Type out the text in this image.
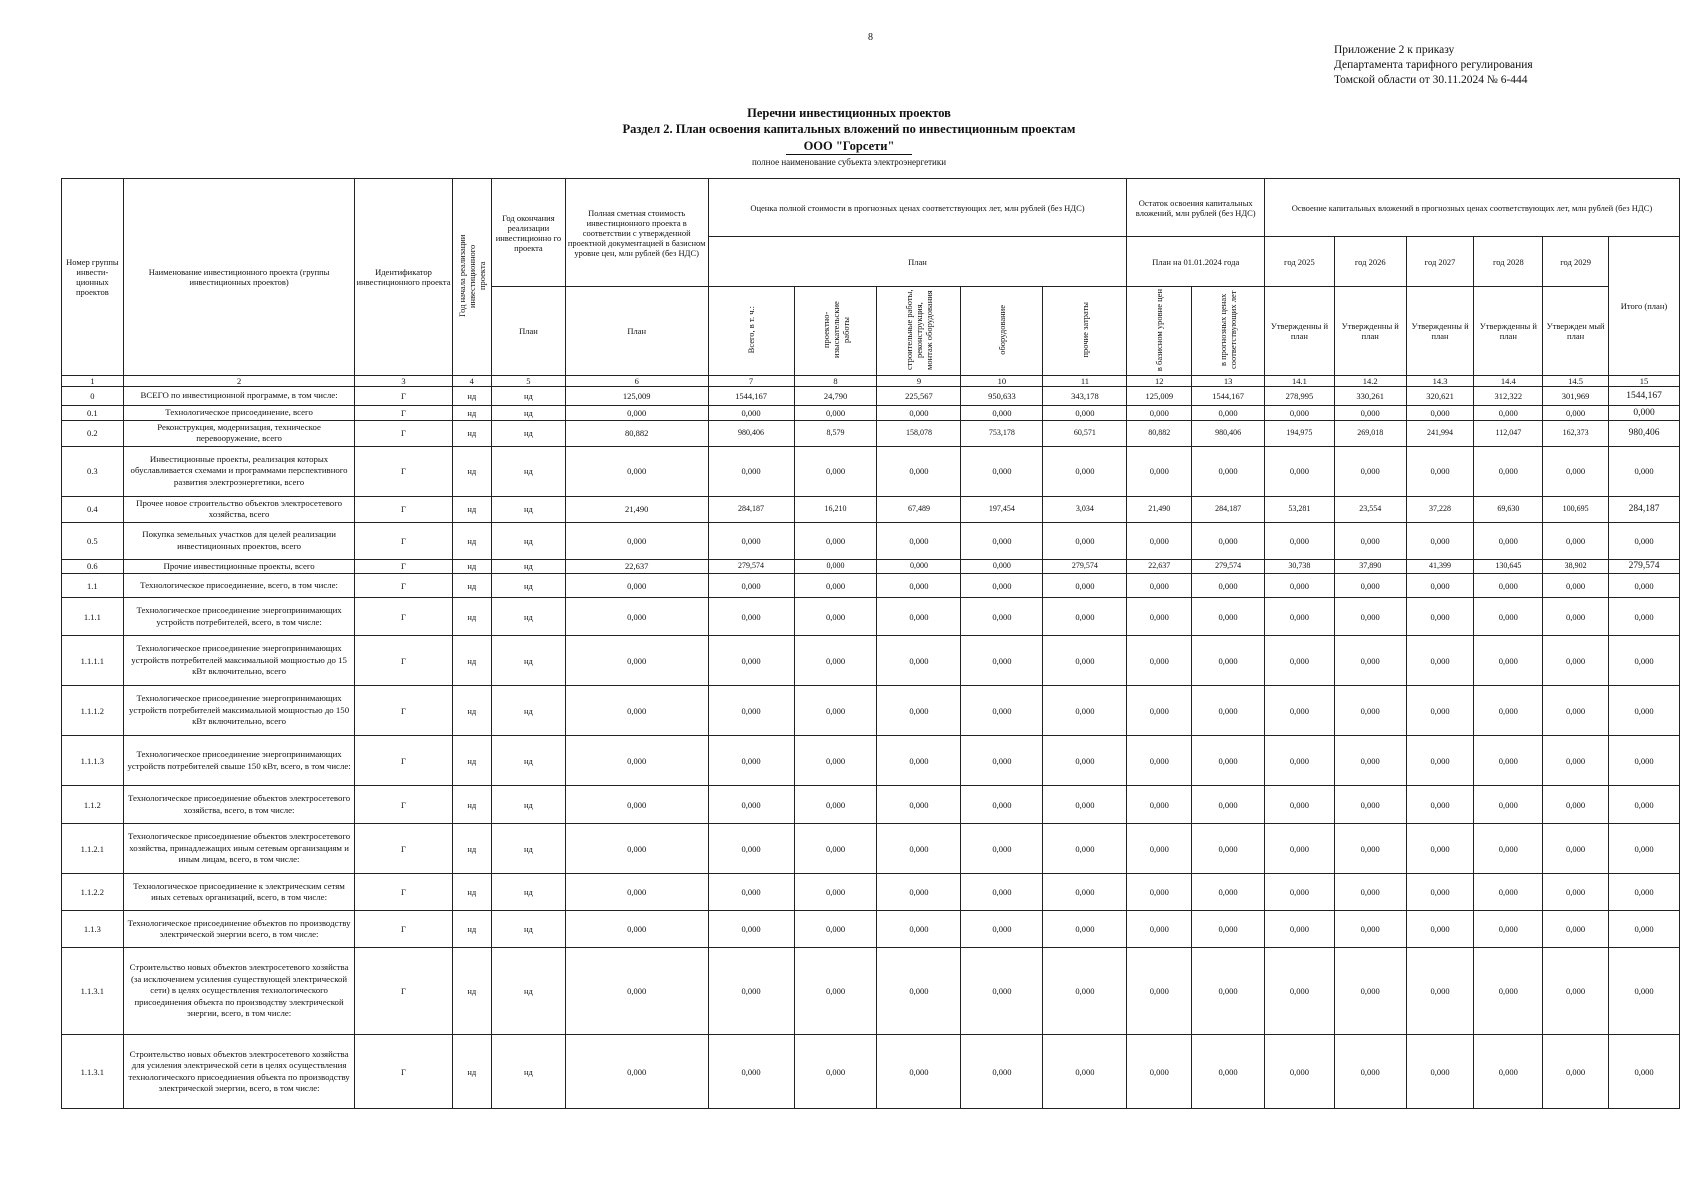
8
Приложение 2 к приказу
Департамента тарифного регулирования
Томской области от 30.11.2024 № 6-444
Перечни инвестиционных проектов
Раздел 2. План освоения капитальных вложений по инвестиционным проектам
ООО "Горсети"
полное наименование субъекта электроэнергетики
Номер группы инвести-ционных проектов	Наименование инвестиционного проекта (группы инвестиционных проектов)	Идентификатор инвестиционного проекта	Год начала реализации инвестиционного проекта	Год окончания реализации инвестиционно го проекта	Полная сметная стоимость инвестиционного проекта в соответствии с утвержденной проектной документацией в базисном уровне цен, млн рублей (без НДС)	Оценка полной стоимости в прогнозных ценах соответствующих лет, млн рублей (без НДС)					Остаток освоения капитальных вложений, млн рублей (без НДС)		Освоение капитальных вложений в прогнозных ценах соответствующих лет, млн рублей (без НДС)					
						План					План на 01.01.2024 года		год 2025	год 2026	год 2027	год 2028	год 2029	Итого (план)
				План	План	Всего, в т. ч.:	проектно-изыскательские работы	строительные работы, реконструкция, монтаж оборудования	оборудование	прочие затраты	в базисном уровне цен	в прогнозных ценах соответствующих лет	Утвержденны й план	Утвержденны й план	Утвержденны й план	Утвержденны й план	Утвержден мый план	
1	2	3	4	5	6	7	8	9	10	11	12	13	14.1	14.2	14.3	14.4	14.5	15
0	ВСЕГО по инвестиционной программе, в том числе:	Г	нд	нд	125,009	1544,167	24,790	225,567	950,633	343,178	125,009	1544,167	278,995	330,261	320,621	312,322	301,969	1544,167
0.1	Технологическое присоединение, всего	Г	нд	нд	0,000	0,000	0,000	0,000	0,000	0,000	0,000	0,000	0,000	0,000	0,000	0,000	0,000	0,000
0.2	Реконструкция, модернизация, техническое перевооружение, всего	Г	нд	нд	80,882	980,406	8,579	158,078	753,178	60,571	80,882	980,406	194,975	269,018	241,994	112,047	162,373	980,406
0.3	Инвестиционные проекты, реализация которых обуславливается схемами и программами перспективного развития электроэнергетики, всего	Г	нд	нд	0,000	0,000	0,000	0,000	0,000	0,000	0,000	0,000	0,000	0,000	0,000	0,000	0,000	0,000
0.4	Прочее новое строительство объектов электросетевого хозяйства, всего	Г	нд	нд	21,490	284,187	16,210	67,489	197,454	3,034	21,490	284,187	53,281	23,554	37,228	69,630	100,695	284,187
0.5	Покупка земельных участков для целей реализации инвестиционных проектов, всего	Г	нд	нд	0,000	0,000	0,000	0,000	0,000	0,000	0,000	0,000	0,000	0,000	0,000	0,000	0,000	0,000
0.6	Прочие инвестиционные проекты, всего	Г	нд	нд	22,637	279,574	0,000	0,000	0,000	279,574	22,637	279,574	30,738	37,890	41,399	130,645	38,902	279,574
1.1	Технологическое присоединение, всего, в том числе:	Г	нд	нд	0,000	0,000	0,000	0,000	0,000	0,000	0,000	0,000	0,000	0,000	0,000	0,000	0,000	0,000
1.1.1	Технологическое присоединение энергопринимающих устройств потребителей, всего, в том числе:	Г	нд	нд	0,000	0,000	0,000	0,000	0,000	0,000	0,000	0,000	0,000	0,000	0,000	0,000	0,000	0,000
1.1.1.1	Технологическое присоединение энергопринимающих устройств потребителей максимальной мощностью до 15 кВт включительно, всего	Г	нд	нд	0,000	0,000	0,000	0,000	0,000	0,000	0,000	0,000	0,000	0,000	0,000	0,000	0,000	0,000
1.1.1.2	Технологическое присоединение энергопринимающих устройств потребителей максимальной мощностью до 150 кВт включительно, всего	Г	нд	нд	0,000	0,000	0,000	0,000	0,000	0,000	0,000	0,000	0,000	0,000	0,000	0,000	0,000	0,000
1.1.1.3	Технологическое присоединение энергопринимающих устройств потребителей свыше 150 кВт, всего, в том числе:	Г	нд	нд	0,000	0,000	0,000	0,000	0,000	0,000	0,000	0,000	0,000	0,000	0,000	0,000	0,000	0,000
1.1.2	Технологическое присоединение объектов электросетевого хозяйства, всего, в том числе:	Г	нд	нд	0,000	0,000	0,000	0,000	0,000	0,000	0,000	0,000	0,000	0,000	0,000	0,000	0,000	0,000
1.1.2.1	Технологическое присоединение объектов электросетевого хозяйства, принадлежащих иным сетевым организациям и иным лицам, всего, в том числе:	Г	нд	нд	0,000	0,000	0,000	0,000	0,000	0,000	0,000	0,000	0,000	0,000	0,000	0,000	0,000	0,000
1.1.2.2	Технологическое присоединение к электрическим сетям иных сетевых организаций, всего, в том числе:	Г	нд	нд	0,000	0,000	0,000	0,000	0,000	0,000	0,000	0,000	0,000	0,000	0,000	0,000	0,000	0,000
1.1.3	Технологическое присоединение объектов по производству электрической энергии всего, в том числе:	Г	нд	нд	0,000	0,000	0,000	0,000	0,000	0,000	0,000	0,000	0,000	0,000	0,000	0,000	0,000	0,000
1.1.3.1	Строительство новых объектов электросетевого хозяйства (за исключением усиления существующей электрической сети) в целях осуществления технологического присоединения объекта по производству электрической энергии, всего, в том числе:	Г	нд	нд	0,000	0,000	0,000	0,000	0,000	0,000	0,000	0,000	0,000	0,000	0,000	0,000	0,000	0,000
1.1.3.1	Строительство новых объектов электросетевого хозяйства для усиления электрической сети в целях осуществления технологического присоединения объекта по производству электрической энергии, всего, в том числе:	Г	нд	нд	0,000	0,000	0,000	0,000	0,000	0,000	0,000	0,000	0,000	0,000	0,000	0,000	0,000	0,000
